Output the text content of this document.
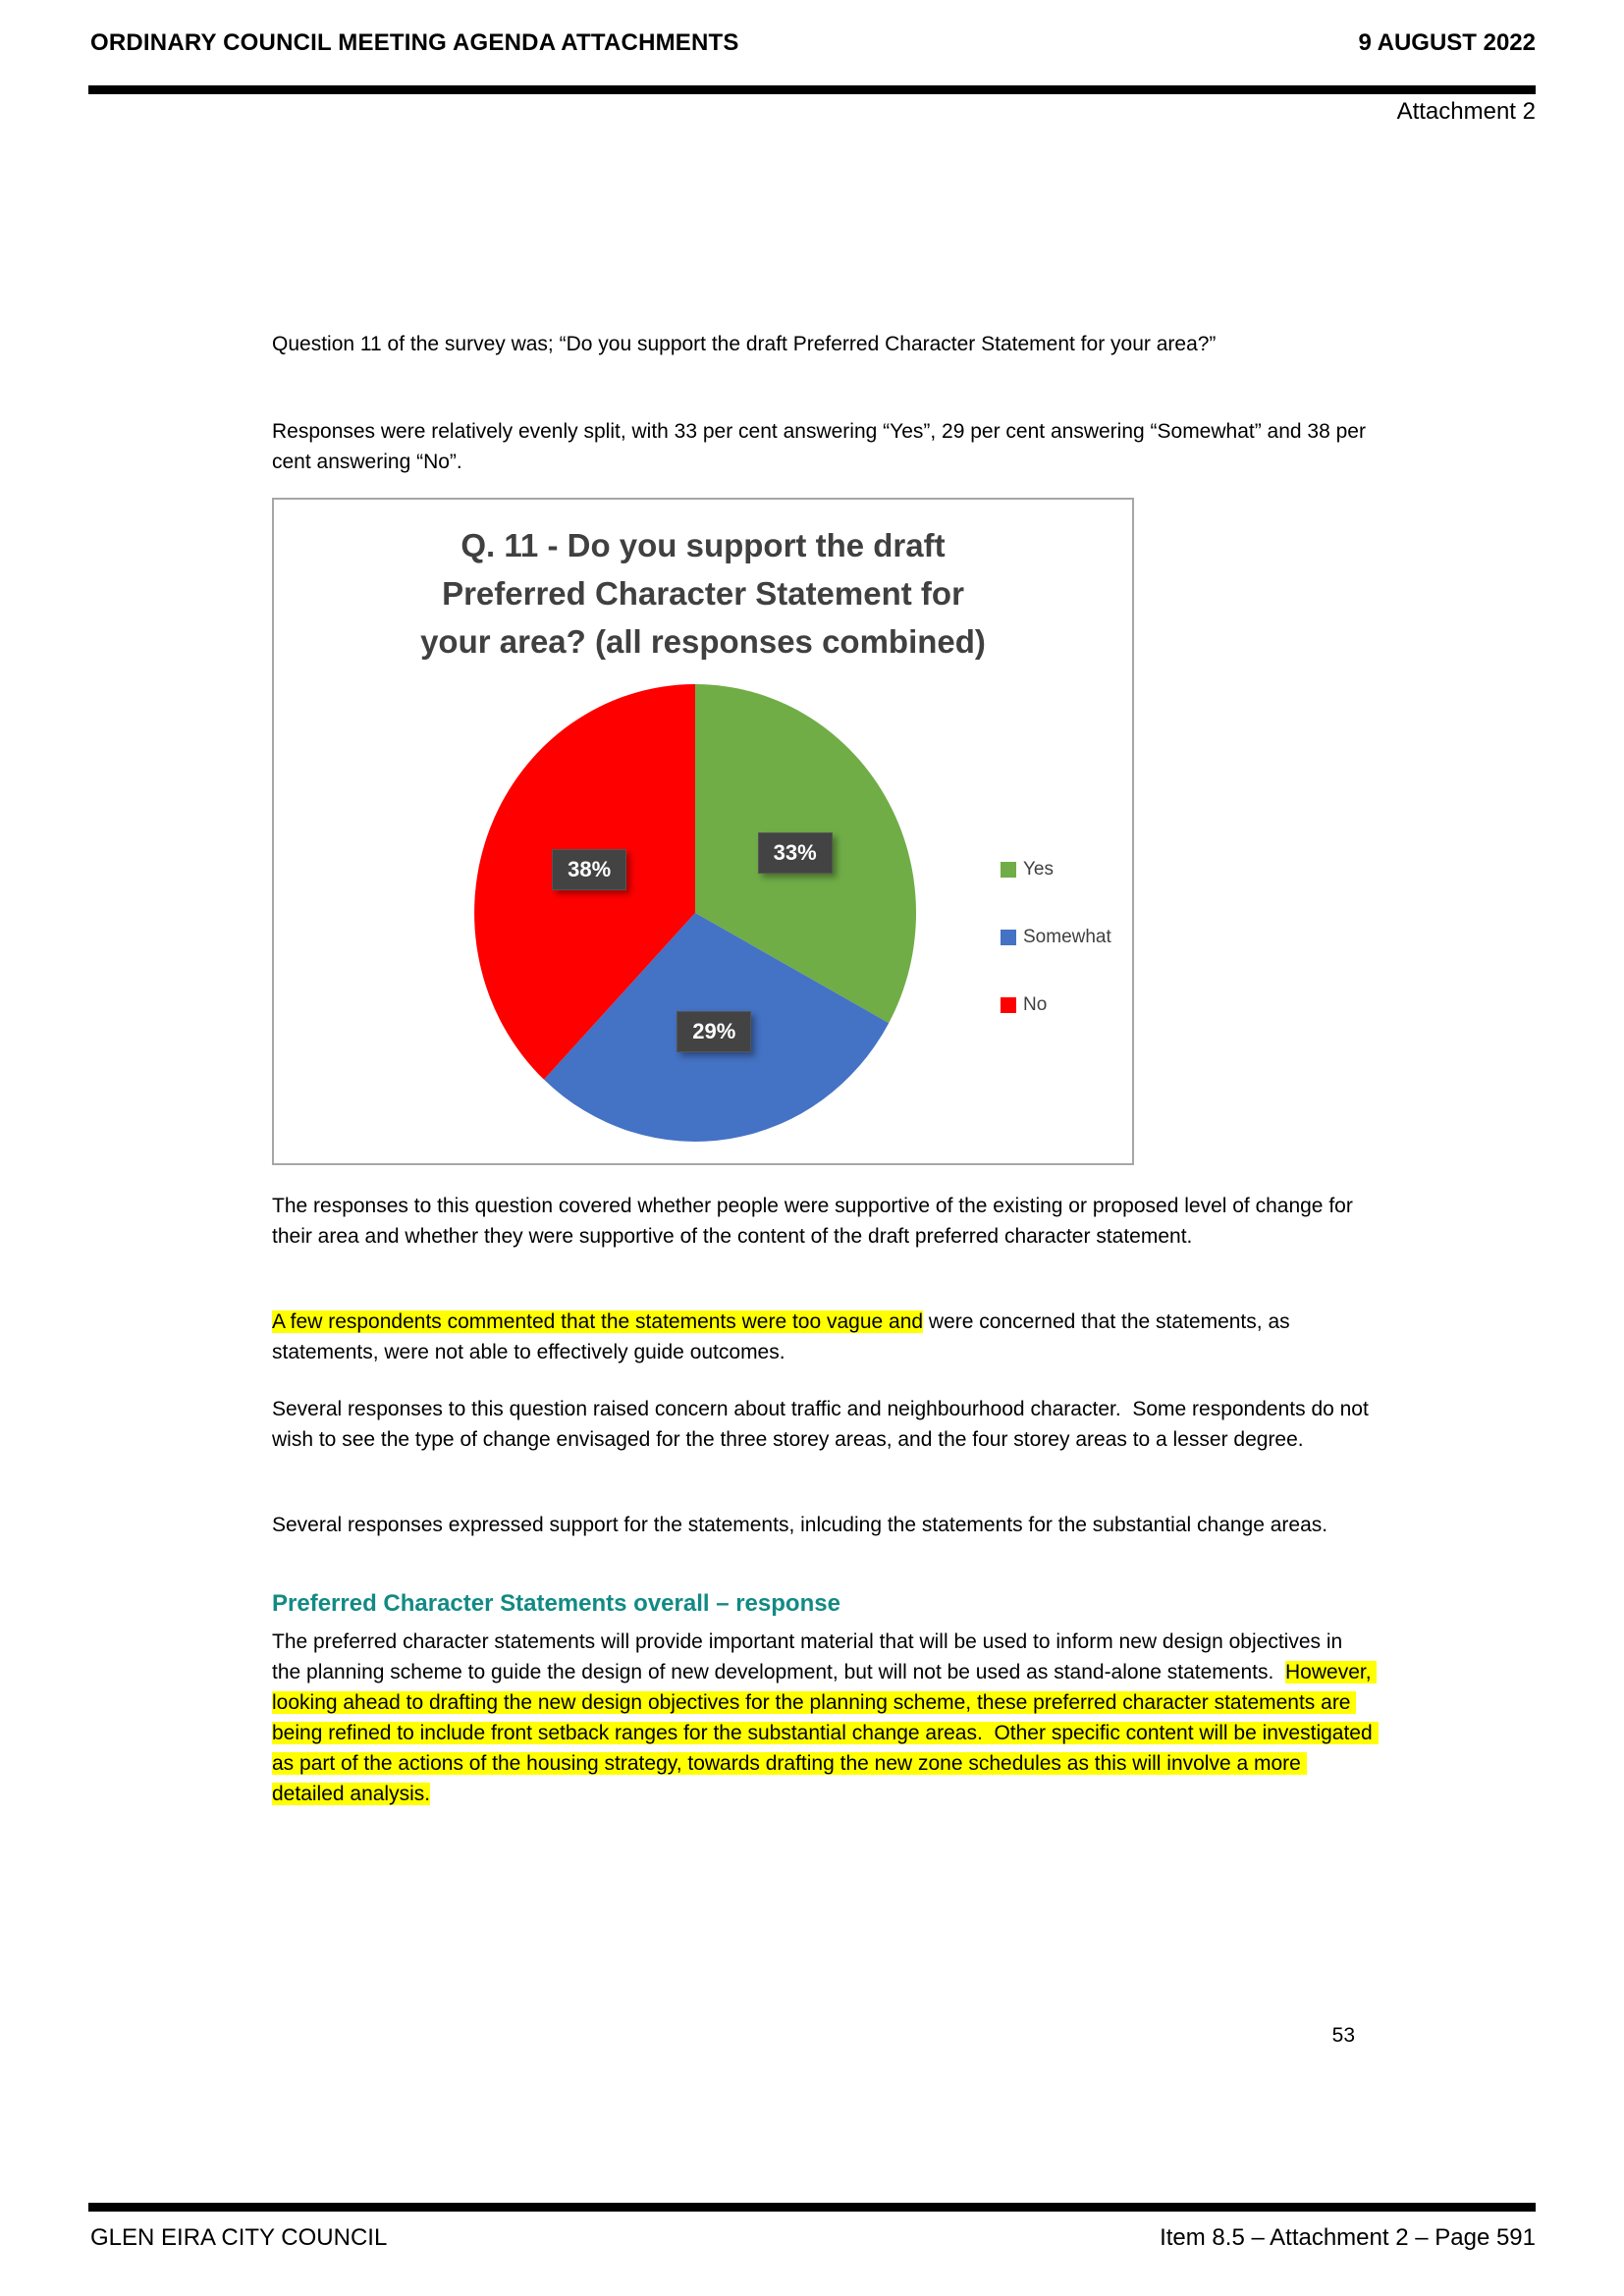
ORDINARY COUNCIL MEETING AGENDA ATTACHMENTS	9 AUGUST 2022
Attachment 2
Question 11 of the survey was; “Do you support the draft Preferred Character Statement for your area?”
Responses were relatively evenly split, with 33 per cent answering “Yes”, 29 per cent answering “Somewhat” and 38 per cent answering “No”.
Q. 11 - Do you support the draft
Preferred Character Statement for
your area? (all responses combined)
33%
29%
38%	Yes
Somewhat
No
The responses to this question covered whether people were supportive of the existing or proposed level of change for their area and whether they were supportive of the content of the draft preferred character statement.
A few respondents commented that the statements were too vague and were concerned that the statements, as statements, were not able to effectively guide outcomes.
Several responses to this question raised concern about traffic and neighbourhood character.  Some respondents do not wish to see the type of change envisaged for the three storey areas, and the four storey areas to a lesser degree.
Several responses expressed support for the statements, inlcuding the statements for the substantial change areas.
Preferred Character Statements overall – response
The preferred character statements will provide important material that will be used to inform new design objectives in the planning scheme to guide the design of new development, but will not be used as stand-alone statements.  However, looking ahead to drafting the new design objectives for the planning scheme, these preferred character statements are being refined to include front setback ranges for the substantial change areas.  Other specific content will be investigated as part of the actions of the housing strategy, towards drafting the new zone schedules as this will involve a more detailed analysis.
53
GLEN EIRA CITY COUNCIL	Item 8.5 – Attachment 2 – Page 591
